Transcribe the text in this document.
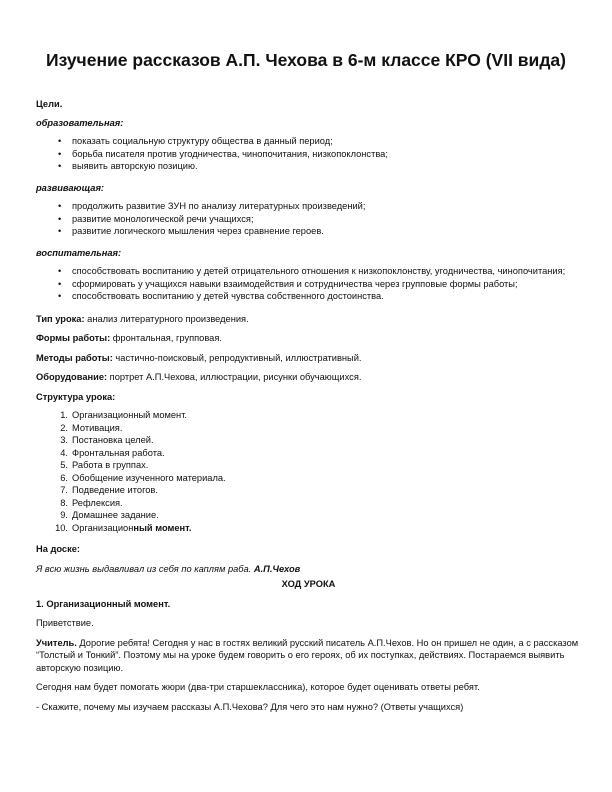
Изучение рассказов А.П. Чехова в 6-м классе КРО (VII вида)

Цели.

образовательная:

• показать социальную структуру общества в данный период;
• борьба писателя против угодничества, чинопочитания, низкопоклонства;
• выявить авторскую позицию.

развивающая:

• продолжить развитие ЗУН по анализу литературных произведений;
• развитие монологической речи учащихся;
• развитие логического мышления через сравнение героев.

воспитательная:

• способствовать воспитанию у детей отрицательного отношения к низкопоклонству, угодничества, чинопочитания;
• сформировать у учащихся навыки взаимодействия и сотрудничества через групповые формы работы;
• способствовать воспитанию у детей чувства собственного достоинства.

Тип урока: анализ литературного произведения.

Формы работы: фронтальная, групповая.

Методы работы: частично-поисковый, репродуктивный, иллюстративный.

Оборудование: портрет А.П.Чехова, иллюстрации, рисунки обучающихся.

Структура урока:

1. Организационный момент.
2. Мотивация.
3. Постановка целей.
4. Фронтальная работа.
5. Работа в группах.
6. Обобщение изученного материала.
7. Подведение итогов.
8. Рефлексия.
9. Домашнее задание.
10. Организационный момент.

На доске:

Я всю жизнь выдавливал из себя по каплям раба. А.П.Чехов

ХОД УРОКА

1. Организационный момент.

Приветствие.

Учитель. Дорогие ребята! Сегодня у нас в гостях великий русский писатель А.П.Чехов. Но он пришел не один, а с рассказом “Толстый и Тонкий”. Поэтому мы на уроке будем говорить о его героях, об их поступках, действиях. Постараемся выявить авторскую позицию.

Сегодня нам будет помогать жюри (два-три старшеклассника), которое будет оценивать ответы ребят.

- Скажите, почему мы изучаем рассказы А.П.Чехова? Для чего это нам нужно? (Ответы учащихся)
